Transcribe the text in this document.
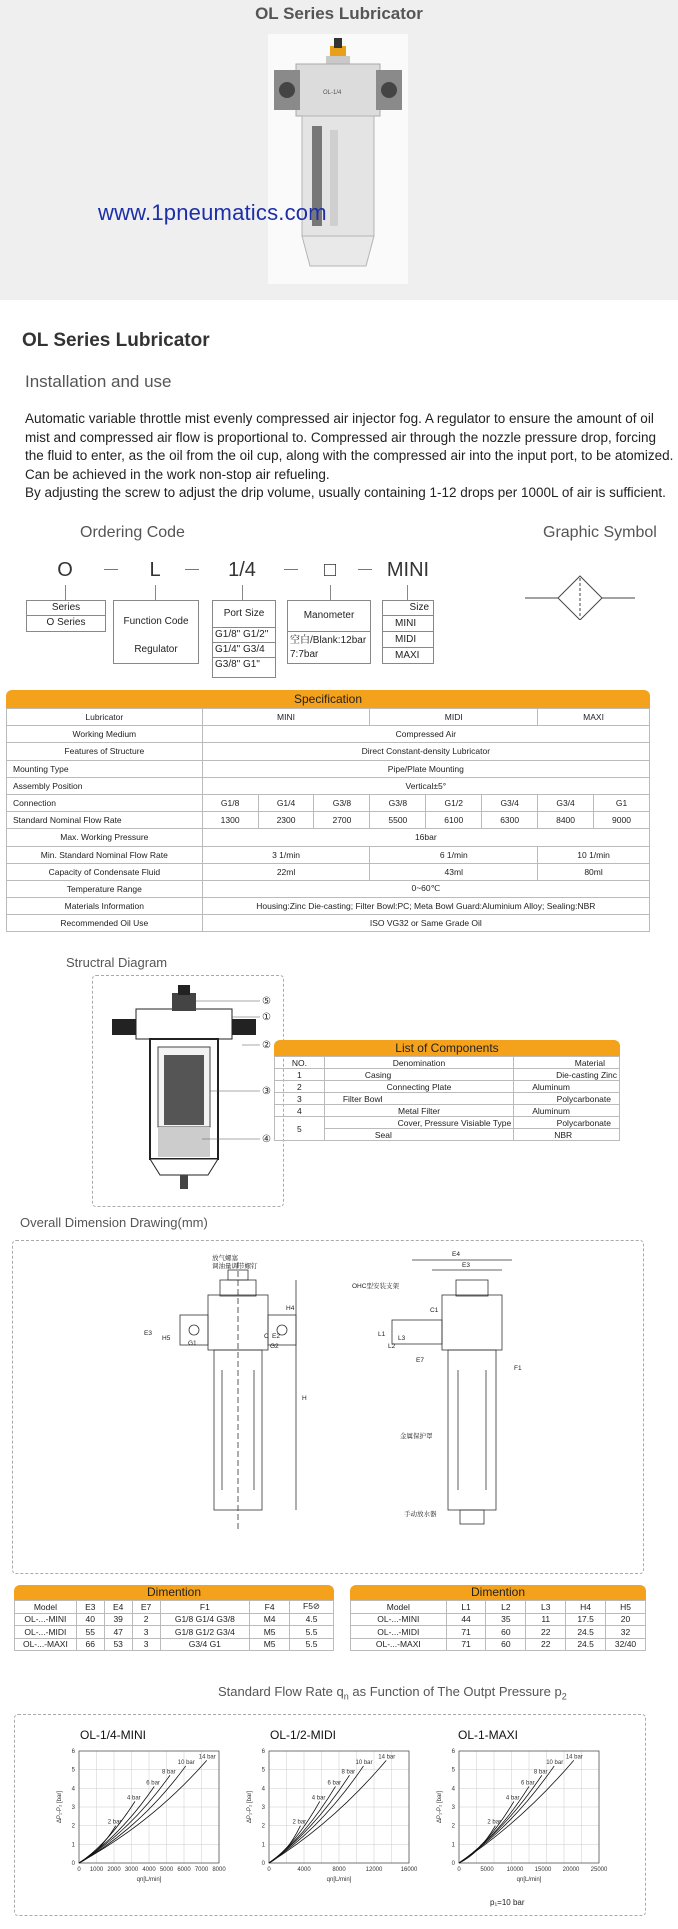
OL Series Lubricator
OL-1/4
www.1pneumatics.com
OL Series Lubricator
Installation and use
Automatic variable throttle mist evenly compressed air injector fog. A regulator to ensure the amount of oil
mist and compressed air flow is proportional to. Compressed air through the nozzle pressure drop, forcing
the fluid to enter, as the oil from the oil cup, along with the compressed air into the input port, to be atomized.
Can be achieved in the work non-stop air refueling.
By adjusting the screw to adjust the drip volume, usually containing 1-12 drops per 1000L of air is sufficient.
Ordering Code	Graphic Symbol
O	L	1/4	□	MINI
Series
O Series	Function Code
Regulator
Port Size
G1/8" G1/2"
G1/4" G3/4
G3/8" G1"
Manometer
空白/Blank:12bar
7:7bar
Size
MINI
MIDI
MAXI
Specification
Lubricator	MINI			MIDI			MAXI	
Working Medium	Compressed Air							
Features of Structure	Direct Constant-density Lubricator							
Mounting Type	Pipe/Plate Mounting							
Assembly Position	Vertical±5°							
Connection	G1/8	G1/4	G3/8	G3/8	G1/2	G3/4	G3/4	G1
Standard Nominal Flow Rate	1300	2300	2700	5500	6100	6300	8400	9000
Max. Working Pressure	16bar							
Min. Standard Nominal Flow Rate	3 1/min			6 1/min			10 1/min	
Capacity of Condensate Fluid	22ml			43ml			80ml	
Temperature Range	0~60℃							
Materials Information	Housing:Zinc Die-casting; Filter Bowl:PC; Meta Bowl Guard:Aluminium Alloy; Sealing:NBR							
Recommended Oil Use	ISO VG32 or Same Grade Oil							
Structral Diagram
⑤
①
②
③
④
List of Components
NO.	Denomination	Material
1	Casing	Die-casting Zinc
2	Connecting Plate	Aluminum
3	Filter Bowl	Polycarbonate
4	Metal Filter	Aluminum
5	Cover, Pressure Visiable Type	Polycarbonate
	Seal	NBR
Overall Dimension Drawing(mm)
放气螺塞
调油量调节螺钉
H
E3
H5
G1
C E2
H4
G2
E4
E3
OHC型安装支架
C1
L1
L2
L3
E7
F1
金属保护罩
手动放水器
Dimention
Model	E3	E4	E7	F1	F4	F5⊘
OL-...-MINI	40	39	2	G1/8 G1/4 G3/8	M4	4.5
OL-...-MIDI	55	47	3	G1/8 G1/2 G3/4	M5	5.5
OL-...-MAXI	66	53	3	G3/4 G1	M5	5.5
Dimention
Model	L1	L2	L3	H4	H5
OL-...-MINI	44	35	11	17.5	20
OL-...-MIDI	71	60	22	24.5	32
OL-...-MAXI	71	60	22	24.5	32/40
Standard Flow Rate $q_n$ as Function of The Outpt Pressure $p_2$
OL-1/4-MINI	OL-1/2-MIDI	OL-1-MAXI
0
1
2
3
4
5
6
0 1000 2000 3000 4000 5000 6000 7000 8000
qn[L/min]
ΔP₁-P₂ [bar]	2 bar
4 bar
6 bar
8 bar
10 bar
14 bar
0
1
2
3
4
5
6
0	4000	8000	12000	16000
qn[L/min]
ΔP₁-P₂ [bar]	2 bar
4 bar
6 bar
8 bar
10 bar
14 bar
0
1
2
3
4
5
6
0	5000 10000 15000 20000 25000
qn[L/min]
ΔP₁-P₂ [bar]	2 bar
4 bar
6 bar
8 bar
10 bar
14 bar
p₁=10 bar
